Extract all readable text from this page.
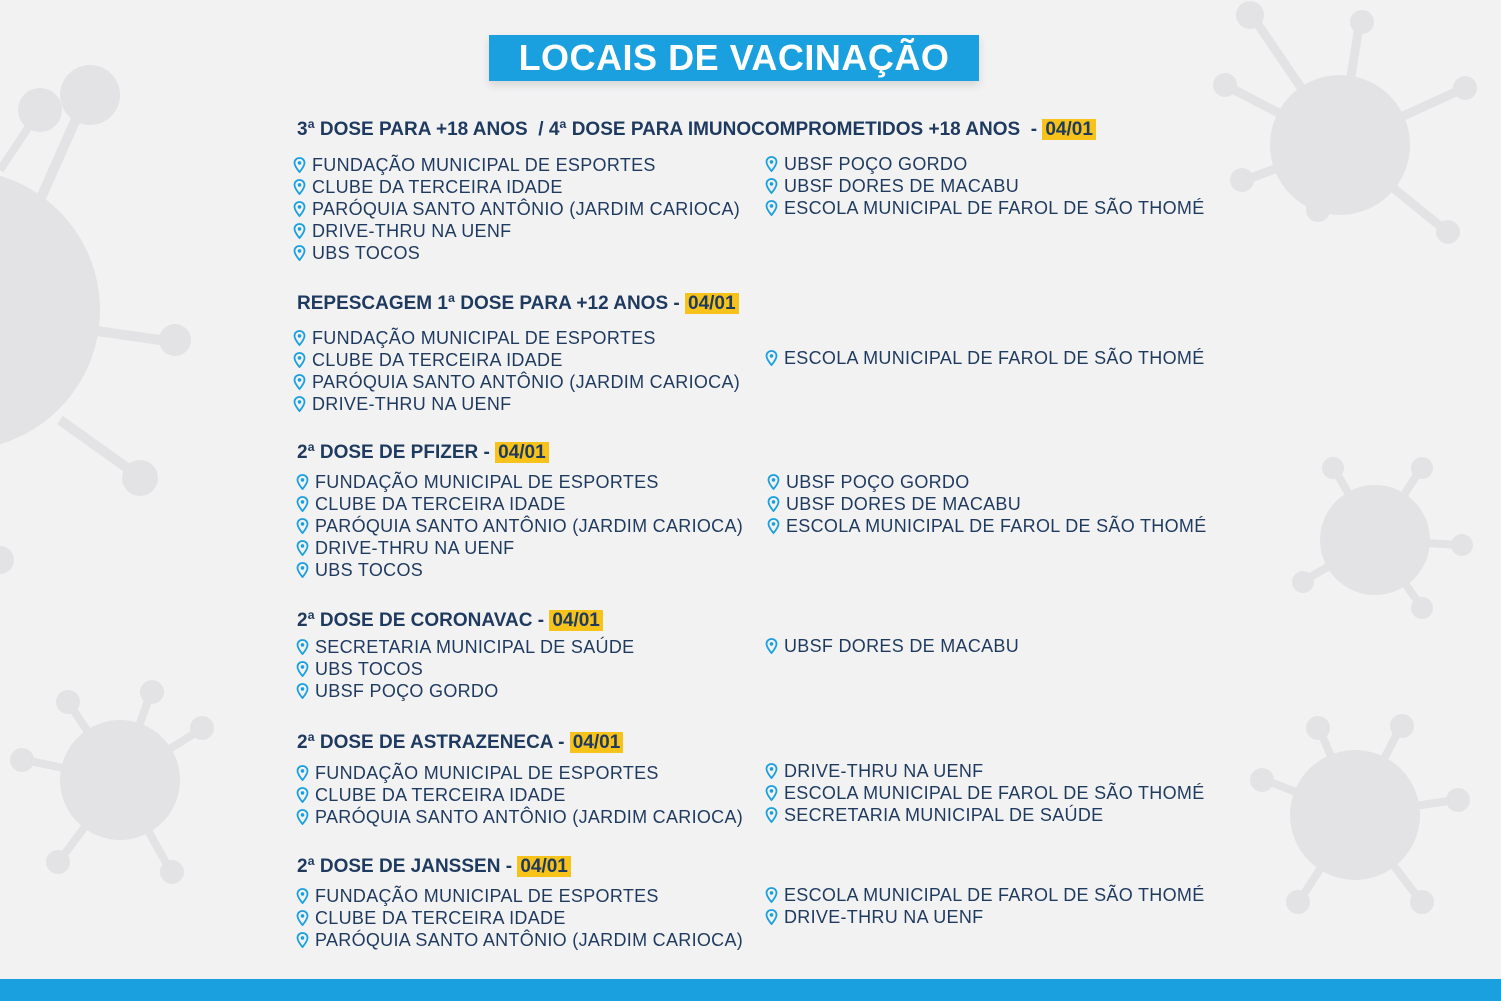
LOCAIS DE VACINAÇÃO
3ª DOSE PARA +18 ANOS  / 4ª DOSE PARA IMUNOCOMPROMETIDOS +18 ANOS  - 04/01
FUNDAÇÃO MUNICIPAL DE ESPORTES
CLUBE DA TERCEIRA IDADE
PARÓQUIA SANTO ANTÔNIO (JARDIM CARIOCA)
DRIVE-THRU NA UENF
UBS TOCOS
UBSF POÇO GORDO
UBSF DORES DE MACABU
ESCOLA MUNICIPAL DE FAROL DE SÃO THOMÉ
REPESCAGEM 1ª DOSE PARA +12 ANOS - 04/01
FUNDAÇÃO MUNICIPAL DE ESPORTES
CLUBE DA TERCEIRA IDADE
PARÓQUIA SANTO ANTÔNIO (JARDIM CARIOCA)
DRIVE-THRU NA UENF
ESCOLA MUNICIPAL DE FAROL DE SÃO THOMÉ
2ª DOSE DE PFIZER - 04/01
FUNDAÇÃO MUNICIPAL DE ESPORTES
CLUBE DA TERCEIRA IDADE
PARÓQUIA SANTO ANTÔNIO (JARDIM CARIOCA)
DRIVE-THRU NA UENF
UBS TOCOS
UBSF POÇO GORDO
UBSF DORES DE MACABU
ESCOLA MUNICIPAL DE FAROL DE SÃO THOMÉ
2ª DOSE DE CORONAVAC - 04/01
SECRETARIA MUNICIPAL DE SAÚDE
UBS TOCOS
UBSF POÇO GORDO
UBSF DORES DE MACABU
2ª DOSE DE ASTRAZENECA - 04/01
FUNDAÇÃO MUNICIPAL DE ESPORTES
CLUBE DA TERCEIRA IDADE
PARÓQUIA SANTO ANTÔNIO (JARDIM CARIOCA)
DRIVE-THRU NA UENF
ESCOLA MUNICIPAL DE FAROL DE SÃO THOMÉ
SECRETARIA MUNICIPAL DE SAÚDE
2ª DOSE DE JANSSEN - 04/01
FUNDAÇÃO MUNICIPAL DE ESPORTES
CLUBE DA TERCEIRA IDADE
PARÓQUIA SANTO ANTÔNIO (JARDIM CARIOCA)
ESCOLA MUNICIPAL DE FAROL DE SÃO THOMÉ
DRIVE-THRU NA UENF
